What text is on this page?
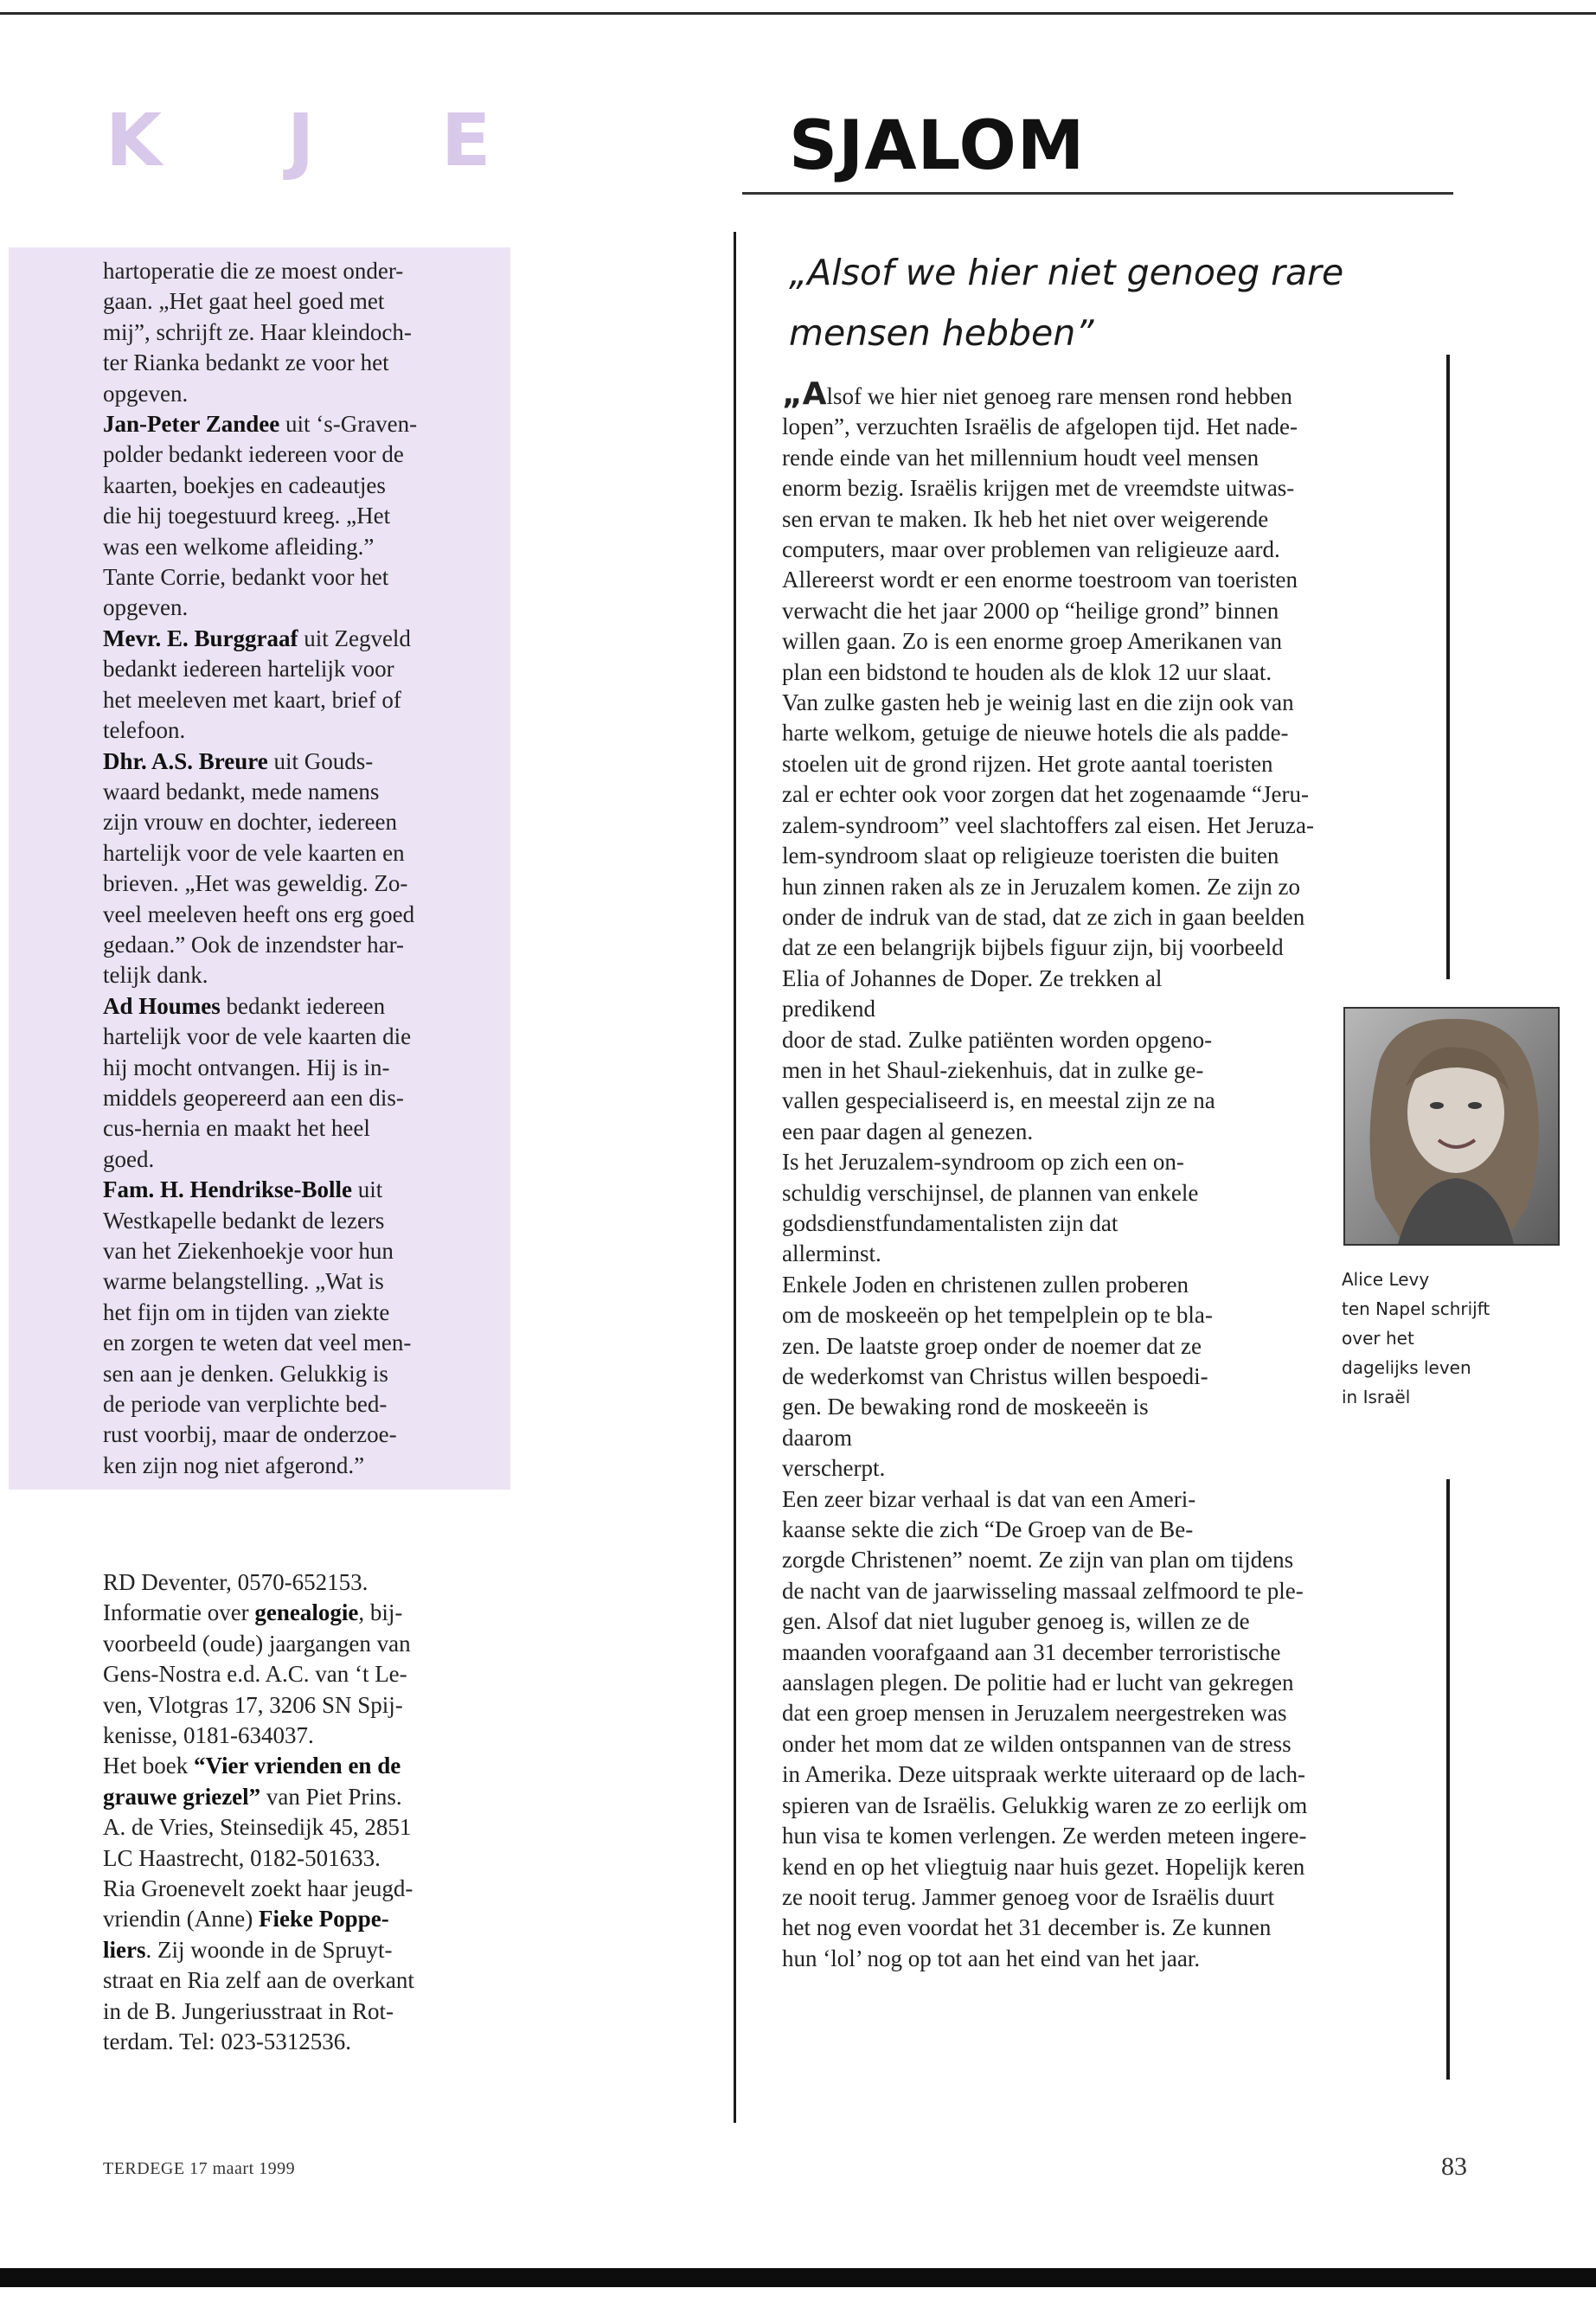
K J E	SJALOM

hartoperatie die ze moest onder-

gaan. „Het gaat heel goed met

mij”, schrijft ze. Haar kleindoch-

ter Rianka bedankt ze voor het

opgeven.

Jan-Peter Zandee uit ‘s-Graven-

polder bedankt iedereen voor de

kaarten, boekjes en cadeautjes

die hij toegestuurd kreeg. „Het

was een welkome afleiding.”

Tante Corrie, bedankt voor het

opgeven.

Mevr. E. Burggraaf uit Zegveld

bedankt iedereen hartelijk voor

het meeleven met kaart, brief of

telefoon.

Dhr. A.S. Breure uit Gouds-

waard bedankt, mede namens

zijn vrouw en dochter, iedereen

hartelijk voor de vele kaarten en

brieven. „Het was geweldig. Zo-

veel meeleven heeft ons erg goed

gedaan.” Ook de inzendster har-

telijk dank.

Ad Houmes bedankt iedereen

hartelijk voor de vele kaarten die

hij mocht ontvangen. Hij is in-

middels geopereerd aan een dis-

cus-hernia en maakt het heel

goed.

Fam. H. Hendrikse-Bolle uit

Westkapelle bedankt de lezers

van het Ziekenhoekje voor hun

warme belangstelling. „Wat is

het fijn om in tijden van ziekte

en zorgen te weten dat veel men-

sen aan je denken. Gelukkig is

de periode van verplichte bed-

rust voorbij, maar de onderzoe-

ken zijn nog niet afgerond.”

RD Deventer, 0570-652153.

Informatie over genealogie, bij-

voorbeeld (oude) jaargangen van

Gens-Nostra e.d. A.C. van ‘t Le-

ven, Vlotgras 17, 3206 SN Spij-

kenisse, 0181-634037.

Het boek “Vier vrienden en de

grauwe griezel” van Piet Prins.

A. de Vries, Steinsedijk 45, 2851

LC Haastrecht, 0182-501633.

Ria Groenevelt zoekt haar jeugd-

vriendin (Anne) Fieke Poppe-

liers. Zij woonde in de Spruyt-

straat en Ria zelf aan de overkant

in de B. Jungeriusstraat in Rot-

terdam. Tel: 023-5312536.

„Alsof we hier niet genoeg rare
mensen hebben”

„Alsof we hier niet genoeg rare mensen rond hebben

lopen”, verzuchten Israëlis de afgelopen tijd. Het nade-

rende einde van het millennium houdt veel mensen

enorm bezig. Israëlis krijgen met de vreemdste uitwas-

sen ervan te maken. Ik heb het niet over weigerende

computers, maar over problemen van religieuze aard.

Allereerst wordt er een enorme toestroom van toeristen

verwacht die het jaar 2000 op “heilige grond” binnen

willen gaan. Zo is een enorme groep Amerikanen van

plan een bidstond te houden als de klok 12 uur slaat.

Van zulke gasten heb je weinig last en die zijn ook van

harte welkom, getuige de nieuwe hotels die als padde-

stoelen uit de grond rijzen. Het grote aantal toeristen

zal er echter ook voor zorgen dat het zogenaamde “Jeru-

zalem-syndroom” veel slachtoffers zal eisen. Het Jeruza-

lem-syndroom slaat op religieuze toeristen die buiten

hun zinnen raken als ze in Jeruzalem komen. Ze zijn zo

onder de indruk van de stad, dat ze zich in gaan beelden

dat ze een belangrijk bijbels figuur zijn, bij voorbeeld

Elia of Johannes de Doper. Ze trekken al predikend

door de stad. Zulke patiënten worden opgeno-

men in het Shaul-ziekenhuis, dat in zulke ge-

vallen gespecialiseerd is, en meestal zijn ze na

een paar dagen al genezen.

Is het Jeruzalem-syndroom op zich een on-

schuldig verschijnsel, de plannen van enkele

godsdienstfundamentalisten zijn dat allerminst.

Enkele Joden en christenen zullen proberen

om de moskeeën op het tempelplein op te bla-

zen. De laatste groep onder de noemer dat ze

de wederkomst van Christus willen bespoedi-

gen. De bewaking rond de moskeeën is daarom

verscherpt.

Een zeer bizar verhaal is dat van een Ameri-

kaanse sekte die zich “De Groep van de Be-

zorgde Christenen” noemt. Ze zijn van plan om tijdens

de nacht van de jaarwisseling massaal zelfmoord te ple-

gen. Alsof dat niet luguber genoeg is, willen ze de

maanden voorafgaand aan 31 december terroristische

aanslagen plegen. De politie had er lucht van gekregen

dat een groep mensen in Jeruzalem neergestreken was

onder het mom dat ze wilden ontspannen van de stress

in Amerika. Deze uitspraak werkte uiteraard op de lach-

spieren van de Israëlis. Gelukkig waren ze zo eerlijk om

hun visa te komen verlengen. Ze werden meteen ingere-

kend en op het vliegtuig naar huis gezet. Hopelijk keren

ze nooit terug. Jammer genoeg voor de Israëlis duurt

het nog even voordat het 31 december is. Ze kunnen

hun ‘lol’ nog op tot aan het eind van het jaar.

Alice Levy

ten Napel schrijft

over het

dagelijks leven

in Israël

TERDEGE 17 maart 1999	83
